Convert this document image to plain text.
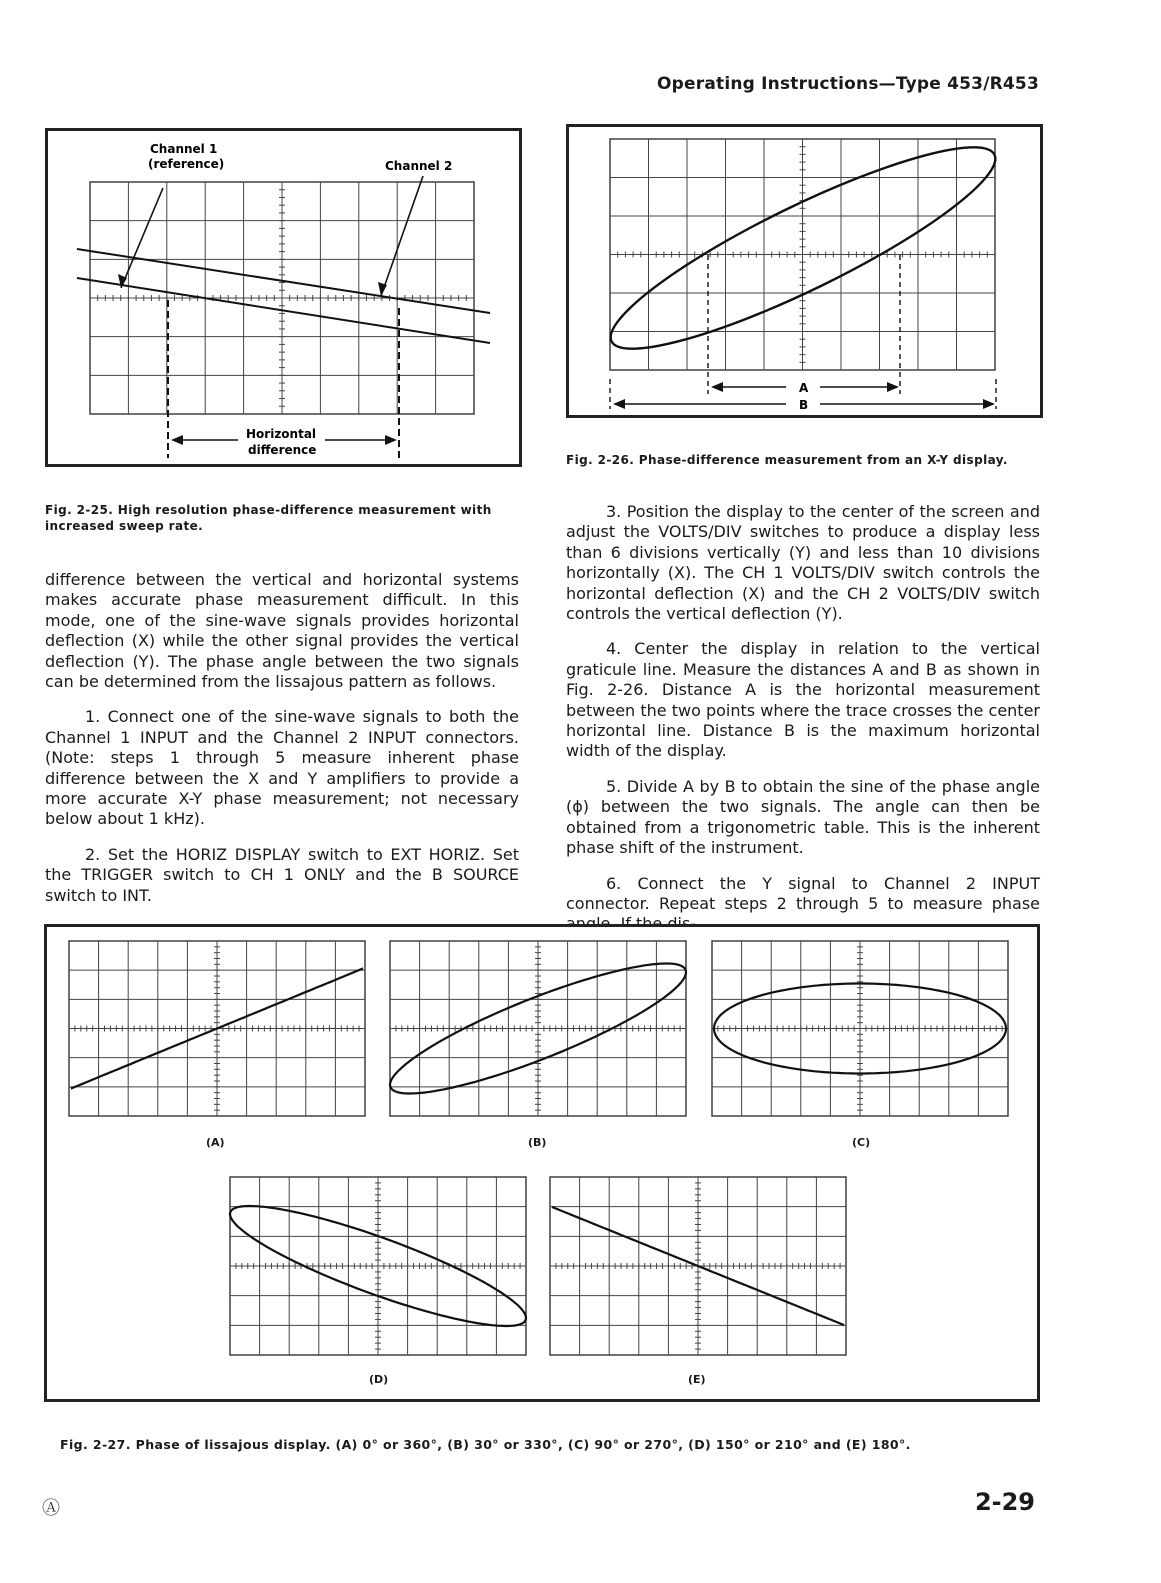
Operating Instructions—Type 453/R453
Channel 1
(reference)	Channel 2
Horizontal
difference
Fig. 2-25. High resolution phase-difference measurement with increased sweep rate.
A
B
Fig. 2-26. Phase-difference measurement from an X-Y display.

difference between the vertical and horizontal systems makes accurate phase measurement difficult. In this mode, one of the sine-wave signals provides horizontal deflection (X) while the other signal provides the vertical deflection (Y). The phase angle between the two signals can be determined from the lissajous pattern as follows.

1. Connect one of the sine-wave signals to both the Channel 1 INPUT and the Channel 2 INPUT connectors. (Note: steps 1 through 5 measure inherent phase difference between the X and Y amplifiers to provide a more accurate X-Y phase measurement; not necessary below about 1 kHz).

2. Set the HORIZ DISPLAY switch to EXT HORIZ. Set the TRIGGER switch to CH 1 ONLY and the B SOURCE switch to INT.

3. Position the display to the center of the screen and adjust the VOLTS/DIV switches to produce a display less than 6 divisions vertically (Y) and less than 10 divisions horizontally (X). The CH 1 VOLTS/DIV switch controls the horizontal deflection (X) and the CH 2 VOLTS/DIV switch controls the vertical deflection (Y).

4. Center the display in relation to the vertical graticule line. Measure the distances A and B as shown in Fig. 2-26. Distance A is the horizontal measurement between the two points where the trace crosses the center horizontal line. Distance B is the maximum horizontal width of the display.

5. Divide A by B to obtain the sine of the phase angle (ϕ) between the two signals. The angle can then be obtained from a trigonometric table. This is the inherent phase shift of the instrument.

6. Connect the Y signal to Channel 2 INPUT connector. Repeat steps 2 through 5 to measure phase

(A)	(B)	(C)
(D)	(E)
Fig. 2-27. Phase of lissajous display. (A) 0° or 360°, (B) 30° or 330°, (C) 90° or 270°, (D) 150° or 210° and (E) 180°.
Ⓐ	2-29
